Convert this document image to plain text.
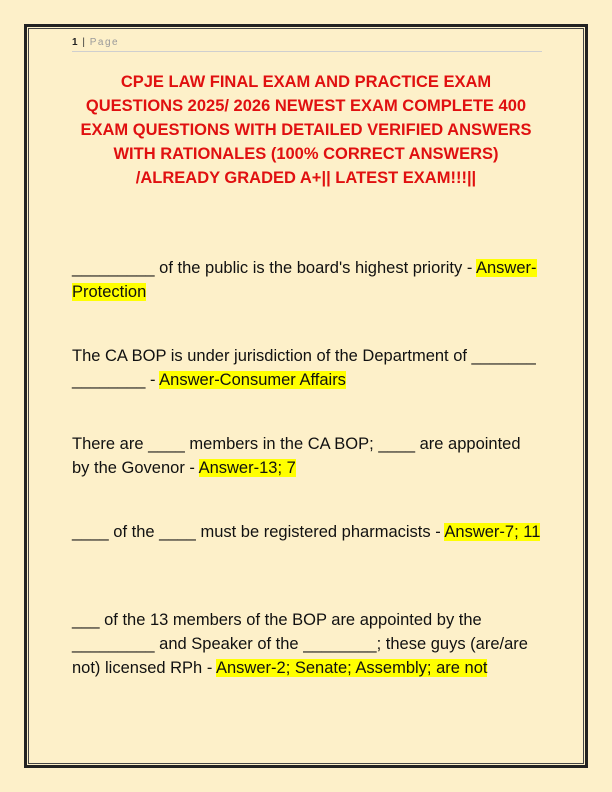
1 | Page
CPJE LAW FINAL EXAM AND PRACTICE EXAM QUESTIONS 2025/ 2026 NEWEST EXAM COMPLETE 400 EXAM QUESTIONS WITH DETAILED VERIFIED ANSWERS WITH RATIONALES (100% CORRECT ANSWERS) /ALREADY GRADED A+|| LATEST EXAM!!!||
_________ of the public is the board's highest priority - Answer-Protection
The CA BOP is under jurisdiction of the Department of _______ ________ - Answer-Consumer Affairs
There are ____ members in the CA BOP; ____ are appointed by the Govenor - Answer-13; 7
____ of the ____ must be registered pharmacists - Answer-7; 11
___ of the 13 members of the BOP are appointed by the _________ and Speaker of the ________; these guys (are/are not) licensed RPh - Answer-2; Senate; Assembly; are not
